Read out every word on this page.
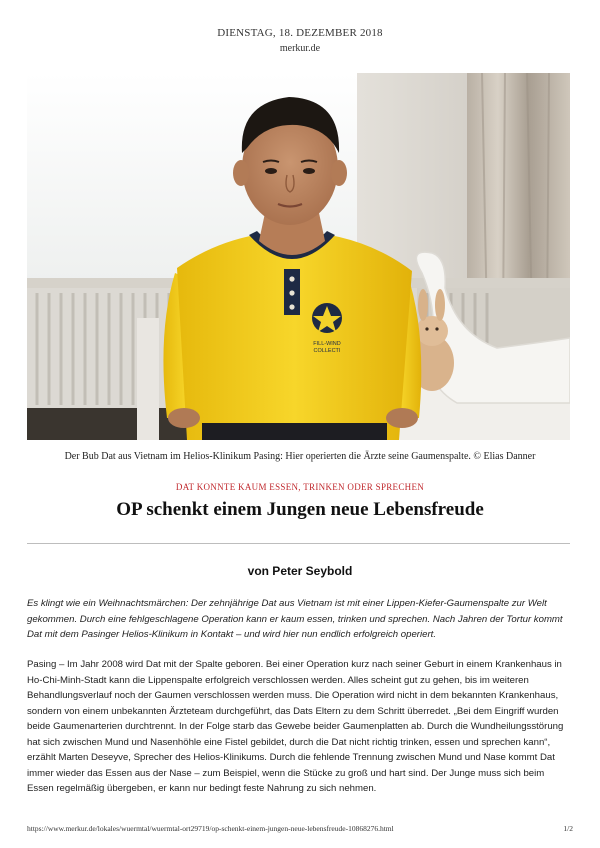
DIENSTAG, 18. DEZEMBER 2018
merkur.de
FILL-WIND
COLLECTI
Der Bub Dat aus Vietnam im Helios-Klinikum Pasing: Hier operierten die Ärzte seine Gaumenspalte. © Elias Danner
DAT KONNTE KAUM ESSEN, TRINKEN ODER SPRECHEN
OP schenkt einem Jungen neue Lebensfreude
von Peter Seybold

Es klingt wie ein Weihnachtsmärchen: Der zehnjährige Dat aus Vietnam ist mit einer Lippen-Kiefer-Gaumenspalte zur Welt gekommen. Durch eine fehlgeschlagene Operation kann er kaum essen, trinken und sprechen. Nach Jahren der Tortur kommt Dat mit dem Pasinger Helios-Klinikum in Kontakt – und wird hier nun endlich erfolgreich operiert.

Pasing – Im Jahr 2008 wird Dat mit der Spalte geboren. Bei einer Operation kurz nach seiner Geburt in einem Krankenhaus in Ho-Chi-Minh-Stadt kann die Lippenspalte erfolgreich verschlossen werden. Alles scheint gut zu gehen, bis im weiteren Behandlungsverlauf noch der Gaumen verschlossen werden muss. Die Operation wird nicht in dem bekannten Krankenhaus, sondern von einem unbekannten Ärzteteam durchgeführt, das Dats Eltern zu dem Schritt überredet. „Bei dem Eingriff wurden beide Gaumenarterien durchtrennt. In der Folge starb das Gewebe beider Gaumenplatten ab. Durch die Wundheilungsstörung hat sich zwischen Mund und Nasenhöhle eine Fistel gebildet, durch die Dat nicht richtig trinken, essen und sprechen kann“, erzählt Marten Deseyve, Sprecher des Helios-Klinikums. Durch die fehlende Trennung zwischen Mund und Nase kommt Dat immer wieder das Essen aus der Nase – zum Beispiel, wenn die Stücke zu groß und hart sind. Der Junge muss sich beim Essen regelmäßig übergeben, er kann nur bedingt feste Nahrung zu sich nehmen.

https://www.merkur.de/lokales/wuermtal/wuermtal-ort29719/op-schenkt-einem-jungen-neue-lebensfreude-10868276.html	1/2
